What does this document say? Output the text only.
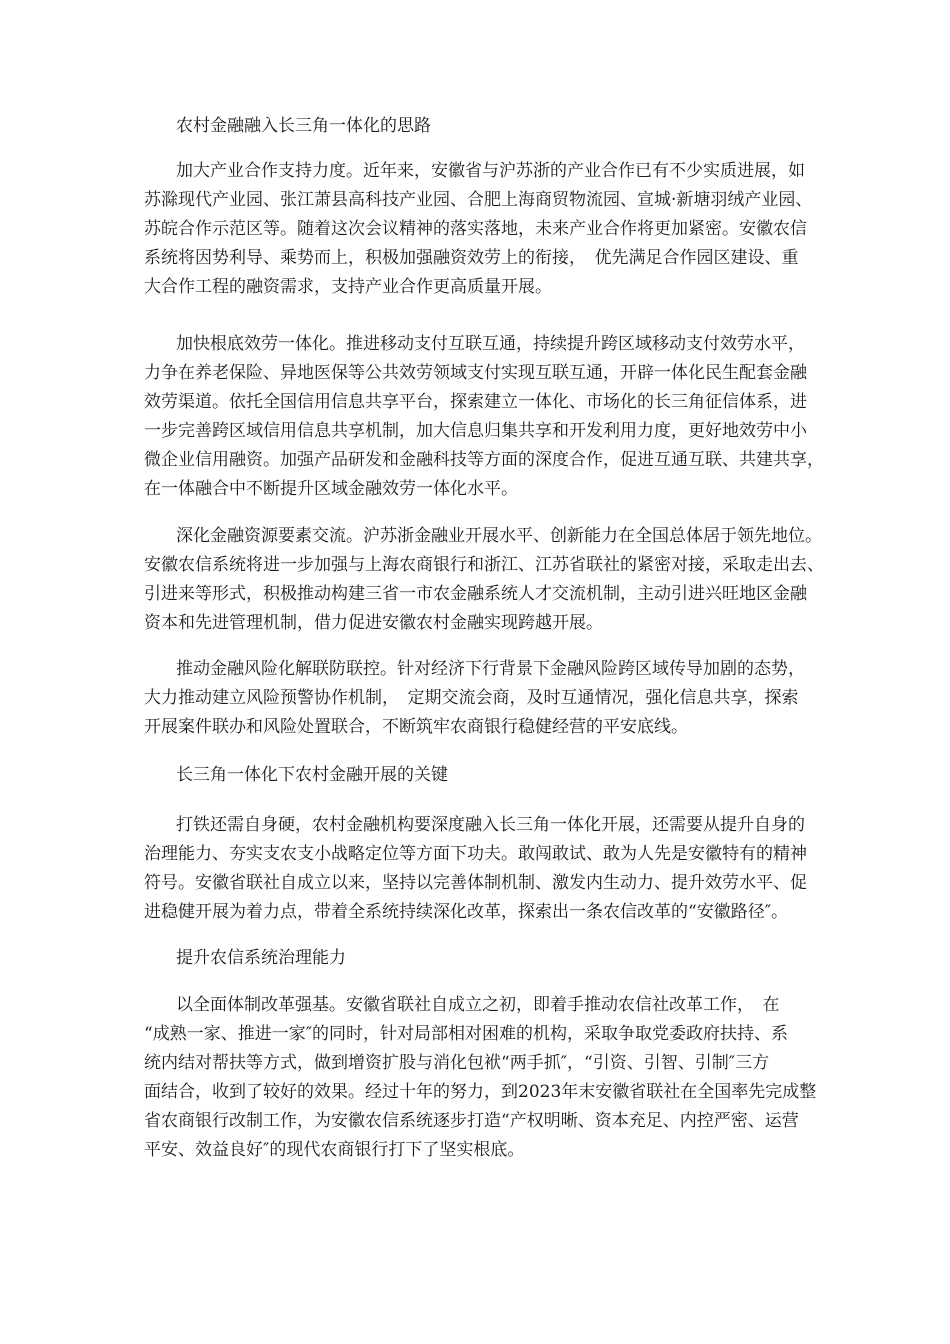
农村金融融入长三角一体化的思路
加大产业合作支持力度。近年来，安徽省与沪苏浙的产业合作已有不少实质进展，如
苏滁现代产业园、张江萧县高科技产业园、合肥上海商贸物流园、宣城·新塘羽绒产业园、
苏皖合作示范区等。随着这次会议精神的落实落地，未来产业合作将更加紧密。安徽农信
系统将因势利导、乘势而上，积极加强融资效劳上的衔接，　优先满足合作园区建设、重
大合作工程的融资需求，支持产业合作更高质量开展。
加快根底效劳一体化。推进移动支付互联互通，持续提升跨区域移动支付效劳水平，
力争在养老保险、异地医保等公共效劳领域支付实现互联互通，开辟一体化民生配套金融
效劳渠道。依托全国信用信息共享平台，探索建立一体化、市场化的长三角征信体系，进
一步完善跨区域信用信息共享机制，加大信息归集共享和开发利用力度，更好地效劳中小
微企业信用融资。加强产品研发和金融科技等方面的深度合作，促进互通互联、共建共享，
在一体融合中不断提升区域金融效劳一体化水平。
深化金融资源要素交流。沪苏浙金融业开展水平、创新能力在全国总体居于领先地位。
安徽农信系统将进一步加强与上海农商银行和浙江、江苏省联社的紧密对接，采取走出去、
引进来等形式，积极推动构建三省一市农金融系统人才交流机制，主动引进兴旺地区金融
资本和先进管理机制，借力促进安徽农村金融实现跨越开展。
推动金融风险化解联防联控。针对经济下行背景下金融风险跨区域传导加剧的态势，
大力推动建立风险预警协作机制，　定期交流会商，及时互通情况，强化信息共享，探索
开展案件联办和风险处置联合，不断筑牢农商银行稳健经营的平安底线。
长三角一体化下农村金融开展的关键
打铁还需自身硬，农村金融机构要深度融入长三角一体化开展，还需要从提升自身的
治理能力、夯实支农支小战略定位等方面下功夫。敢闯敢试、敢为人先是安徽特有的精神
符号。安徽省联社自成立以来，坚持以完善体制机制、激发内生动力、提升效劳水平、促
进稳健开展为着力点，带着全系统持续深化改革，探索出一条农信改革的“安徽路径″。
提升农信系统治理能力
以全面体制改革强基。安徽省联社自成立之初，即着手推动农信社改革工作，　在
“成熟一家、推进一家″的同时，针对局部相对困难的机构，采取争取党委政府扶持、系
统内结对帮扶等方式，做到增资扩股与消化包袱“两手抓″，“引资、引智、引制″三方
面结合，收到了较好的效果。经过十年的努力，到2023年末安徽省联社在全国率先完成整
省农商银行改制工作，为安徽农信系统逐步打造“产权明晰、资本充足、内控严密、运营
平安、效益良好″的现代农商银行打下了坚实根底。
